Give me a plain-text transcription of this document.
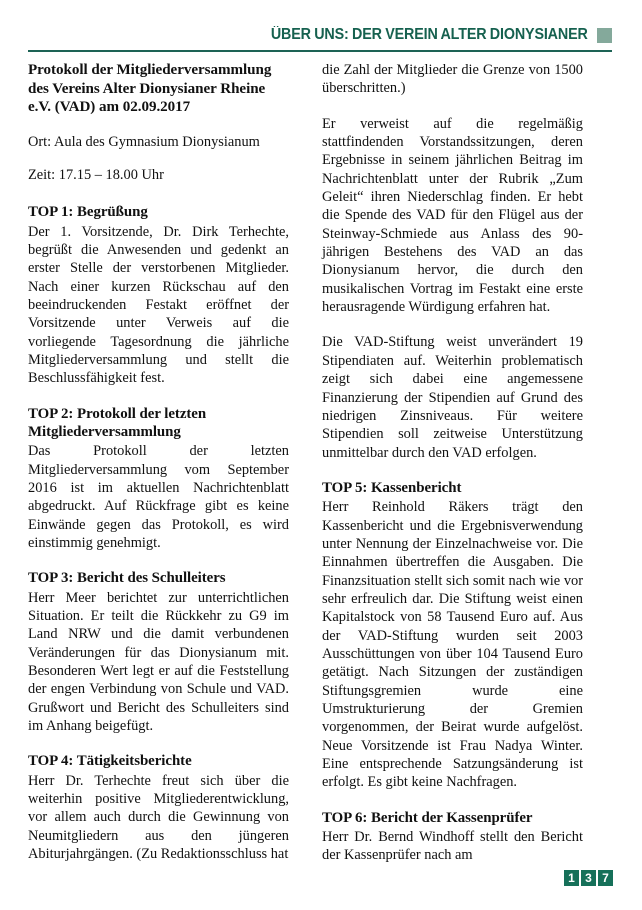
ÜBER UNS: DER VEREIN ALTER DIONYSIANER
Protokoll der Mitgliederversammlung des Vereins Alter Dionysianer Rheine e.V. (VAD) am 02.09.2017

Ort: Aula des Gymnasium Dionysianum

Zeit: 17.15 – 18.00 Uhr

TOP 1: Begrüßung

Der 1. Vorsitzende, Dr. Dirk Terhechte, begrüßt die Anwesenden und gedenkt an erster Stelle der verstorbenen Mitglieder. Nach einer kurzen Rückschau auf den beeindruckenden Festakt eröffnet der Vorsitzende unter Verweis auf die vorliegende Tagesordnung die jährliche Mitgliederversammlung und stellt die Beschlussfähigkeit fest.

TOP 2: Protokoll der letzten Mitgliederversammlung

Das Protokoll der letzten Mitgliederversammlung vom September 2016 ist im aktuellen Nachrichtenblatt abgedruckt. Auf Rückfrage gibt es keine Einwände gegen das Protokoll, es wird einstimmig genehmigt.

TOP 3: Bericht des Schulleiters

Herr Meer berichtet zur unterrichtlichen Situation. Er teilt die Rückkehr zu G9 im Land NRW und die damit verbundenen Veränderungen für das Dionysianum mit. Besonderen Wert legt er auf die Feststellung der engen Verbindung von Schule und VAD. Grußwort und Bericht des Schulleiters sind im Anhang beigefügt.

TOP 4: Tätigkeitsberichte

Herr Dr. Terhechte freut sich über die weiterhin positive Mitgliederentwicklung, vor allem auch durch die Gewinnung von Neumitgliedern aus den jüngeren Abiturjahrgängen. (Zu Redaktionsschluss hat

die Zahl der Mitglieder die Grenze von 1500 überschritten.)

Er verweist auf die regelmäßig stattfindenden Vorstandssitzungen, deren Ergebnisse in seinem jährlichen Beitrag im Nachrichtenblatt unter der Rubrik „Zum Geleit“ ihren Niederschlag finden. Er hebt die Spende des VAD für den Flügel aus der Steinway-Schmiede aus Anlass des 90-jährigen Bestehens des VAD an das Dionysianum hervor, die durch den musikalischen Vortrag im Festakt eine erste herausragende Würdigung erfahren hat.

Die VAD-Stiftung weist unverändert 19 Stipendiaten auf. Weiterhin problematisch zeigt sich dabei eine angemessene Finanzierung der Stipendien auf Grund des niedrigen Zinsniveaus. Für weitere Stipendien soll zeitweise Unterstützung unmittelbar durch den VAD erfolgen.

TOP 5: Kassenbericht

Herr Reinhold Räkers trägt den Kassenbericht und die Ergebnisverwendung unter Nennung der Einzelnachweise vor. Die Einnahmen übertreffen die Ausgaben. Die Finanzsituation stellt sich somit nach wie vor sehr erfreulich dar. Die Stiftung weist einen Kapitalstock von 58 Tausend Euro auf. Aus der VAD-Stiftung wurden seit 2003 Ausschüttungen von über 104 Tausend Euro getätigt. Nach Sitzungen der zuständigen Stiftungsgremien wurde eine Umstrukturierung der Gremien vorgenommen, der Beirat wurde aufgelöst. Neue Vorsitzende ist Frau Nadya Winter. Eine entsprechende Satzungsänderung ist erfolgt. Es gibt keine Nachfragen.

TOP 6: Bericht der Kassenprüfer

Herr Dr. Bernd Windhoff stellt den Bericht der Kassenprüfer nach am

1 3 7
